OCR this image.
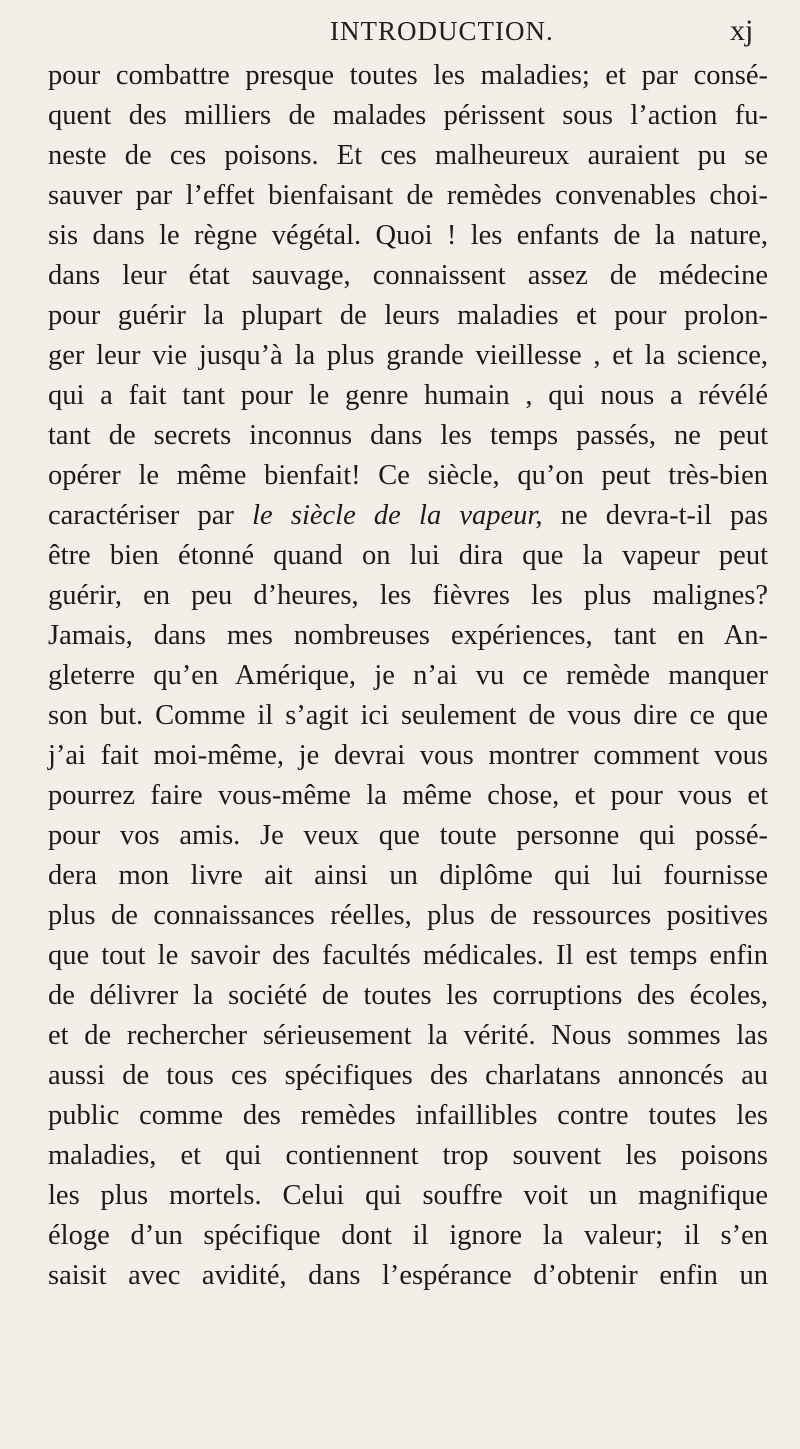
INTRODUCTION.	xj
pour combattre presque toutes les maladies; et par consé-
quent des milliers de malades périssent sous l’action fu-
neste de ces poisons. Et ces malheureux auraient pu se
sauver par l’effet bienfaisant de remèdes convenables choi-
sis dans le règne végétal. Quoi ! les enfants de la nature,
dans leur état sauvage, connaissent assez de médecine
pour guérir la plupart de leurs maladies et pour prolon-
ger leur vie jusqu’à la plus grande vieillesse , et la science,
qui a fait tant pour le genre humain , qui nous a révélé
tant de secrets inconnus dans les temps passés, ne peut
opérer le même bienfait! Ce siècle, qu’on peut très-bien
caractériser par le siècle de la vapeur, ne devra-t-il pas
être bien étonné quand on lui dira que la vapeur peut
guérir, en peu d’heures, les fièvres les plus malignes?
Jamais, dans mes nombreuses expériences, tant en An-
gleterre qu’en Amérique, je n’ai vu ce remède manquer
son but. Comme il s’agit ici seulement de vous dire ce que
j’ai fait moi-même, je devrai vous montrer comment vous
pourrez faire vous-même la même chose, et pour vous et
pour vos amis. Je veux que toute personne qui possé-
dera mon livre ait ainsi un diplôme qui lui fournisse
plus de connaissances réelles, plus de ressources positives
que tout le savoir des facultés médicales. Il est temps enfin
de délivrer la société de toutes les corruptions des écoles,
et de rechercher sérieusement la vérité. Nous sommes las
aussi de tous ces spécifiques des charlatans annoncés au
public comme des remèdes infaillibles contre toutes les
maladies, et qui contiennent trop souvent les poisons
les plus mortels. Celui qui souffre voit un magnifique
éloge d’un spécifique dont il ignore la valeur; il s’en
saisit avec avidité, dans l’espérance d’obtenir enfin un
